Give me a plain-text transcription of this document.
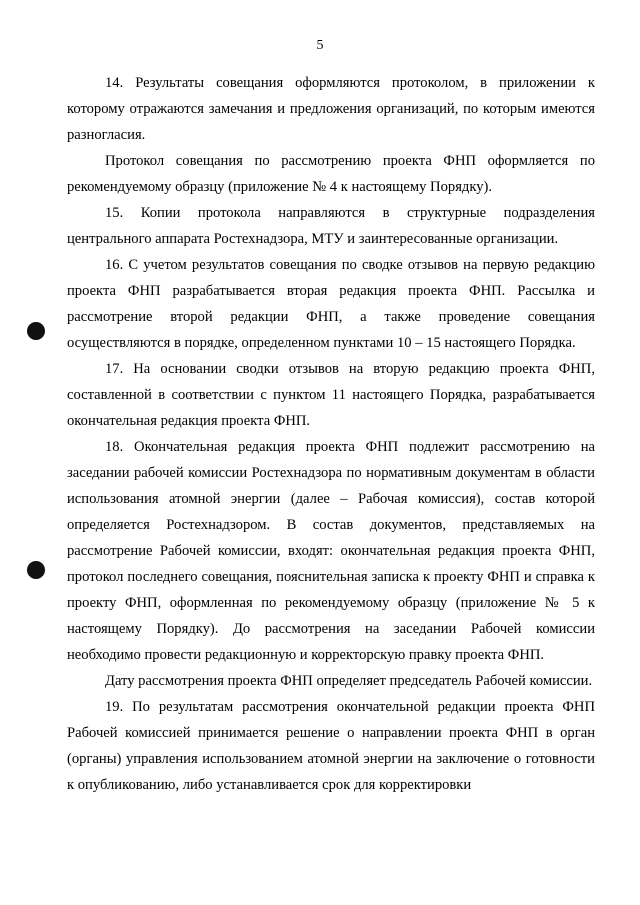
5

14. Результаты совещания оформляются протоколом, в приложении к которому отражаются замечания и предложения организаций, по которым имеются разногласия.

Протокол совещания по рассмотрению проекта ФНП оформляется по рекомендуемому образцу (приложение № 4 к настоящему Порядку).

15. Копии протокола направляются в структурные подразделения центрального аппарата Ростехнадзора, МТУ и заинтересованные организации.

16. С учетом результатов совещания по сводке отзывов на первую редакцию проекта ФНП разрабатывается вторая редакция проекта ФНП. Рассылка и рассмотрение второй редакции ФНП, а также проведение совещания осуществляются в порядке, определенном пунктами 10 – 15 настоящего Порядка.

17. На основании сводки отзывов на вторую редакцию проекта ФНП, составленной в соответствии с пунктом 11 настоящего Порядка, разрабатывается окончательная редакция проекта ФНП.

18. Окончательная редакция проекта ФНП подлежит рассмотрению на заседании рабочей комиссии Ростехнадзора по нормативным документам в области использования атомной энергии (далее – Рабочая комиссия), состав которой определяется Ростехнадзором. В состав документов, представляемых на рассмотрение Рабочей комиссии, входят: окончательная редакция проекта ФНП, протокол последнего совещания, пояснительная записка к проекту ФНП и справка к проекту ФНП, оформленная по рекомендуемому образцу (приложение № 5 к настоящему Порядку). До рассмотрения на заседании Рабочей комиссии необходимо провести редакционную и корректорскую правку проекта ФНП.

Дату рассмотрения проекта ФНП определяет председатель Рабочей комиссии.

19. По результатам рассмотрения окончательной редакции проекта ФНП Рабочей комиссией принимается решение о направлении проекта ФНП в орган (органы) управления использованием атомной энергии на заключение о готовности к опубликованию, либо устанавливается срок для корректировки
